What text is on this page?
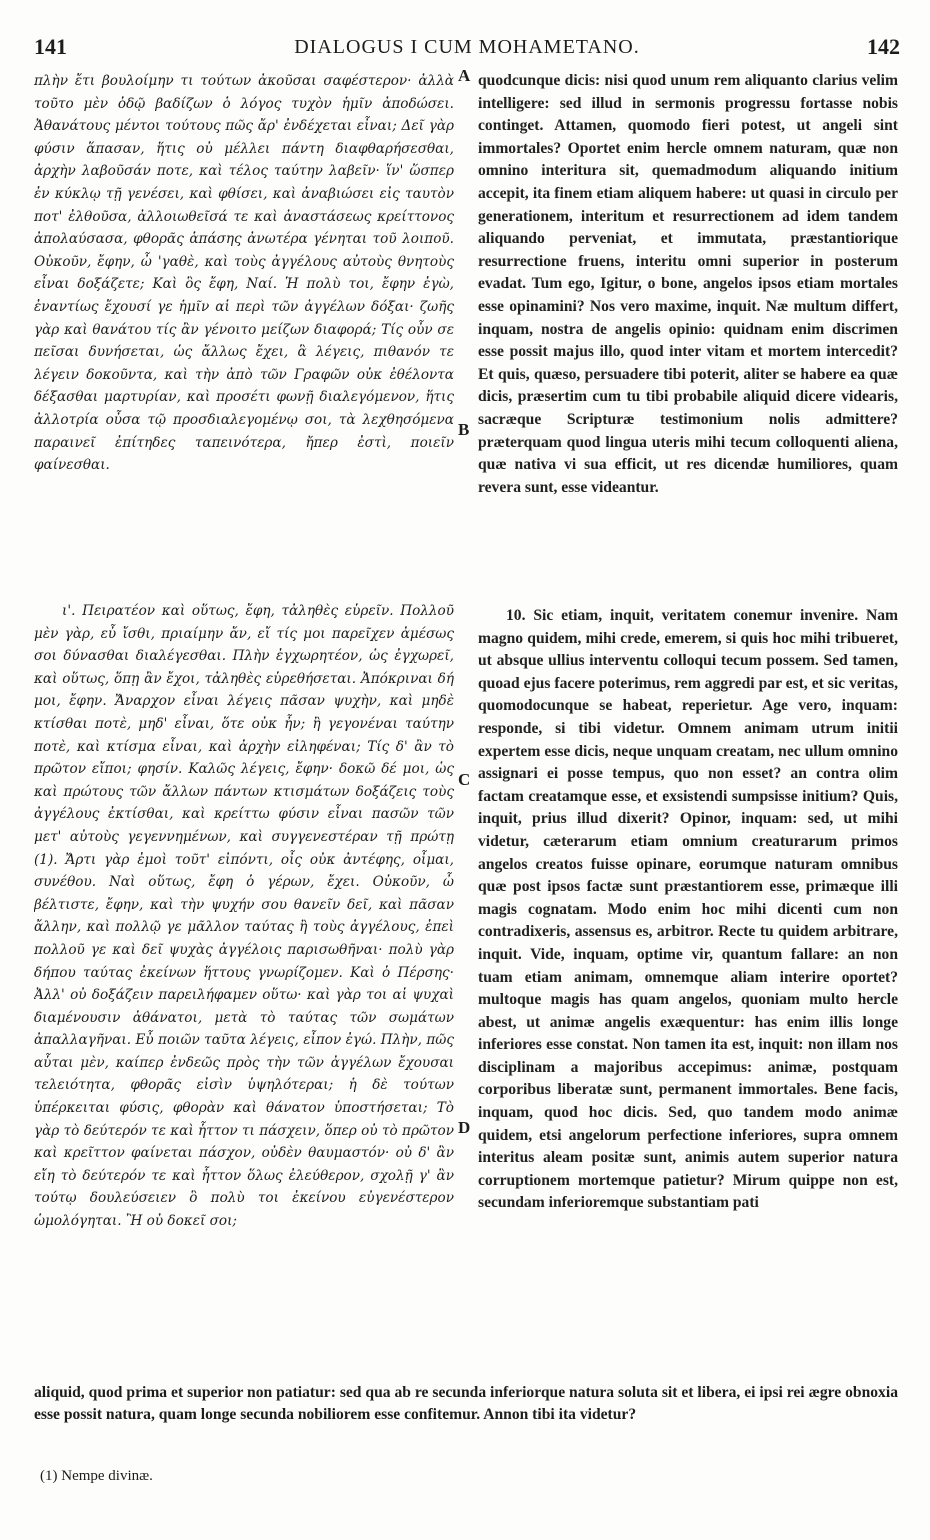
141	DIALOGUS I CUM MOHAMETANO.	142

πλὴν ἔτι βουλοίμην τι τούτων ἀκοῦσαι σαφέστερον· ἀλλὰ τοῦτο μὲν ὁδῷ βαδίζων ὁ λόγος τυχὸν ἡμῖν ἀποδώσει. Ἀθανάτους μέντοι τούτους πῶς ἄρ' ἐνδέχεται εἶναι; Δεῖ γὰρ φύσιν ἅπασαν, ἥτις οὐ μέλλει πάντη διαφθαρήσεσθαι, ἀρχὴν λαβοῦσάν ποτε, καὶ τέλος ταύτην λαβεῖν· ἵν' ὥσπερ ἐν κύκλῳ τῇ γενέσει, καὶ φθίσει, καὶ ἀναβιώσει εἰς ταυτὸν ποτ' ἐλθοῦσα, ἀλλοιωθεῖσά τε καὶ ἀναστάσεως κρείττονος ἀπολαύσασα, φθορᾶς ἁπάσης ἀνωτέρα γένηται τοῦ λοιποῦ. Οὐκοῦν, ἔφην, ὦ 'γαθὲ, καὶ τοὺς ἀγγέλους αὐτοὺς θνητοὺς εἶναι δοξάζετε; Καὶ ὃς ἔφη, Ναί. Ἡ πολὺ τοι, ἔφην ἐγὼ, ἐναντίως ἔχουσί γε ἡμῖν αἱ περὶ τῶν ἀγγέλων δόξαι· ζωῆς γὰρ καὶ θανάτου τίς ἂν γένοιτο μείζων διαφορά; Τίς οὖν σε πεῖσαι δυνήσεται, ὡς ἄλλως ἔχει, ἃ λέγεις, πιθανόν τε λέγειν δοκοῦντα, καὶ τὴν ἀπὸ τῶν Γραφῶν οὐκ ἐθέλοντα δέξασθαι μαρτυρίαν, καὶ προσέτι φωνῇ διαλεγόμενον, ἥτις ἀλλοτρία οὖσα τῷ προσδιαλεγομένῳ σοι, τὰ λεχθησόμενα παραινεῖ ἐπίτηδες ταπεινότερα, ἤπερ ἐστὶ, ποιεῖν φαίνεσθαι.

ι'. Πειρατέον καὶ οὕτως, ἔφη, τἀληθὲς εὑρεῖν. Πολλοῦ μὲν γὰρ, εὖ ἴσθι, πριαίμην ἄν, εἴ τίς μοι παρεῖχεν ἀμέσως σοι δύνασθαι διαλέγεσθαι. Πλὴν ἐγχωρητέον, ὡς ἐγχωρεῖ, καὶ οὕτως, ὅπῃ ἂν ἔχοι, τἀληθὲς εὑρεθήσεται. Ἀπόκριναι δή μοι, ἔφην. Ἄναρχον εἶναι λέγεις πᾶσαν ψυχὴν, καὶ μηδὲ κτίσθαι ποτὲ, μηδ' εἶναι, ὅτε οὐκ ἦν; ἢ γεγονέναι ταύτην ποτὲ, καὶ κτίσμα εἶναι, καὶ ἀρχὴν εἰληφέναι; Τίς δ' ἂν τὸ πρῶτον εἴποι; φησίν. Καλῶς λέγεις, ἔφην· δοκῶ δέ μοι, ὡς καὶ πρώτους τῶν ἄλλων πάντων κτισμάτων δοξάζεις τοὺς ἀγγέλους ἐκτίσθαι, καὶ κρείττω φύσιν εἶναι πασῶν τῶν μετ' αὐτοὺς γεγεννημένων, καὶ συγγενεστέραν τῇ πρώτῃ (1). Ἄρτι γὰρ ἐμοὶ τοῦτ' εἰπόντι, οἶς οὐκ ἀντέφης, οἶμαι, συνέθου. Ναὶ οὕτως, ἔφη ὁ γέρων, ἔχει. Οὐκοῦν, ὦ βέλτιστε, ἔφην, καὶ τὴν ψυχήν σου θανεῖν δεῖ, καὶ πᾶσαν ἄλλην, καὶ πολλῷ γε μᾶλλον ταύτας ἢ τοὺς ἀγγέλους, ἐπεὶ πολλοῦ γε καὶ δεῖ ψυχὰς ἀγγέλοις παρισωθῆναι· πολὺ γὰρ δήπου ταύτας ἐκείνων ἥττους γνωρίζομεν. Καὶ ὁ Πέρσης· Ἀλλ' οὐ δοξάζειν παρειλήφαμεν οὕτω· καὶ γὰρ τοι αἱ ψυχαὶ διαμένουσιν ἀθάνατοι, μετὰ τὸ ταύτας τῶν σωμάτων ἀπαλλαγῆναι. Εὖ ποιῶν ταῦτα λέγεις, εἶπον ἐγώ. Πλὴν, πῶς αὗται μὲν, καίπερ ἐνδεῶς πρὸς τὴν τῶν ἀγγέλων ἔχουσαι τελειότητα, φθορᾶς εἰσὶν ὑψηλότεραι; ἡ δὲ τούτων ὑπέρκειται φύσις, φθορὰν καὶ θάνατον ὑποστήσεται; Τὸ γὰρ τὸ δεύτερόν τε καὶ ἧττον τι πάσχειν, ὅπερ οὐ τὸ πρῶτον καὶ κρεῖττον φαίνεται πάσχον, οὐδὲν θαυμαστόν· οὐ δ' ἂν εἴη τὸ δεύτερόν τε καὶ ἧττον ὅλως ἐλεύθερον, σχολῇ γ' ἂν τούτῳ δουλεύσειεν ὃ πολὺ τοι ἐκείνου εὐγενέστερον ὡμολόγηται. Ἢ οὐ δοκεῖ σοι;

quodcunque dicis: nisi quod unum rem aliquanto clarius velim intelligere: sed illud in sermonis progressu fortasse nobis continget. Attamen, quomodo fieri potest, ut angeli sint immortales? Oportet enim hercle omnem naturam, quæ non omnino interitura sit, quemadmodum aliquando initium accepit, ita finem etiam aliquem habere: ut quasi in circulo per generationem, interitum et resurrectionem ad idem tandem aliquando perveniat, et immutata, præstantiorique resurrectione fruens, interitu omni superior in posterum evadat. Tum ego, Igitur, o bone, angelos ipsos etiam mortales esse opinamini? Nos vero maxime, inquit. Næ multum differt, inquam, nostra de angelis opinio: quidnam enim discrimen esse possit majus illo, quod inter vitam et mortem intercedit? Et quis, quæso, persuadere tibi poterit, aliter se habere ea quæ dicis, præsertim cum tu tibi probabile aliquid dicere videaris, sacræque Scripturæ testimonium nolis admittere? præterquam quod lingua uteris mihi tecum colloquenti aliena, quæ nativa vi sua efficit, ut res dicendæ humiliores, quam revera sunt, esse videantur.

10. Sic etiam, inquit, veritatem conemur invenire. Nam magno quidem, mihi crede, emerem, si quis hoc mihi tribueret, ut absque ullius interventu colloqui tecum possem. Sed tamen, quoad ejus facere poterimus, rem aggredi par est, et sic veritas, quomodocunque se habeat, reperietur. Age vero, inquam: responde, si tibi videtur. Omnem animam utrum initii expertem esse dicis, neque unquam creatam, nec ullum omnino assignari ei posse tempus, quo non esset? an contra olim factam creatamque esse, et exsistendi sumpsisse initium? Quis, inquit, prius illud dixerit? Opinor, inquam: sed, ut mihi videtur, cæterarum etiam omnium creaturarum primos angelos creatos fuisse opinare, eorumque naturam omnibus quæ post ipsos factæ sunt præstantiorem esse, primæque illi magis cognatam. Modo enim hoc mihi dicenti cum non contradixeris, assensus es, arbitror. Recte tu quidem arbitrare, inquit. Vide, inquam, optime vir, quantum fallare: an non tuam etiam animam, omnemque aliam interire oportet? multoque magis has quam angelos, quoniam multo hercle abest, ut animæ angelis exæquentur: has enim illis longe inferiores esse constat. Non tamen ita est, inquit: non illam nos disciplinam a majoribus accepimus: animæ, postquam corporibus liberatæ sunt, permanent immortales. Bene facis, inquam, quod hoc dicis. Sed, quo tandem modo animæ quidem, etsi angelorum perfectione inferiores, supra omnem interitus aleam positæ sunt, animis autem superior natura corruptionem mortemque patietur? Mirum quippe non est, secundam inferioremque substantiam pati

A
B
C
D

aliquid, quod prima et superior non patiatur: sed qua ab re secunda inferiorque natura soluta sit et libera, ei ipsi rei ægre obnoxia esse possit natura, quam longe secunda nobiliorem esse confitemur. Annon tibi ita videtur?

(1) Nempe divinæ.
